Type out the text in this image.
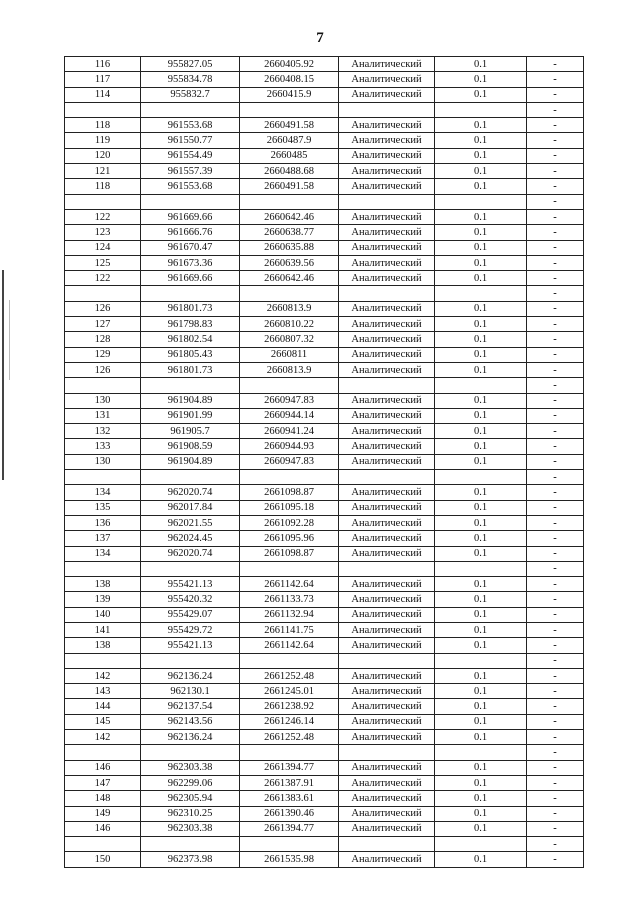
7
116	955827.05	2660405.92	Аналитический	0.1	-
117	955834.78	2660408.15	Аналитический	0.1	-
114	955832.7	2660415.9	Аналитический	0.1	-
					-
118	961553.68	2660491.58	Аналитический	0.1	-
119	961550.77	2660487.9	Аналитический	0.1	-
120	961554.49	2660485	Аналитический	0.1	-
121	961557.39	2660488.68	Аналитический	0.1	-
118	961553.68	2660491.58	Аналитический	0.1	-
					-
122	961669.66	2660642.46	Аналитический	0.1	-
123	961666.76	2660638.77	Аналитический	0.1	-
124	961670.47	2660635.88	Аналитический	0.1	-
125	961673.36	2660639.56	Аналитический	0.1	-
122	961669.66	2660642.46	Аналитический	0.1	-
					-
126	961801.73	2660813.9	Аналитический	0.1	-
127	961798.83	2660810.22	Аналитический	0.1	-
128	961802.54	2660807.32	Аналитический	0.1	-
129	961805.43	2660811	Аналитический	0.1	-
126	961801.73	2660813.9	Аналитический	0.1	-
					-
130	961904.89	2660947.83	Аналитический	0.1	-
131	961901.99	2660944.14	Аналитический	0.1	-
132	961905.7	2660941.24	Аналитический	0.1	-
133	961908.59	2660944.93	Аналитический	0.1	-
130	961904.89	2660947.83	Аналитический	0.1	-
					-
134	962020.74	2661098.87	Аналитический	0.1	-
135	962017.84	2661095.18	Аналитический	0.1	-
136	962021.55	2661092.28	Аналитический	0.1	-
137	962024.45	2661095.96	Аналитический	0.1	-
134	962020.74	2661098.87	Аналитический	0.1	-
					-
138	955421.13	2661142.64	Аналитический	0.1	-
139	955420.32	2661133.73	Аналитический	0.1	-
140	955429.07	2661132.94	Аналитический	0.1	-
141	955429.72	2661141.75	Аналитический	0.1	-
138	955421.13	2661142.64	Аналитический	0.1	-
					-
142	962136.24	2661252.48	Аналитический	0.1	-
143	962130.1	2661245.01	Аналитический	0.1	-
144	962137.54	2661238.92	Аналитический	0.1	-
145	962143.56	2661246.14	Аналитический	0.1	-
142	962136.24	2661252.48	Аналитический	0.1	-
					-
146	962303.38	2661394.77	Аналитический	0.1	-
147	962299.06	2661387.91	Аналитический	0.1	-
148	962305.94	2661383.61	Аналитический	0.1	-
149	962310.25	2661390.46	Аналитический	0.1	-
146	962303.38	2661394.77	Аналитический	0.1	-
					-
150	962373.98	2661535.98	Аналитический	0.1	-
